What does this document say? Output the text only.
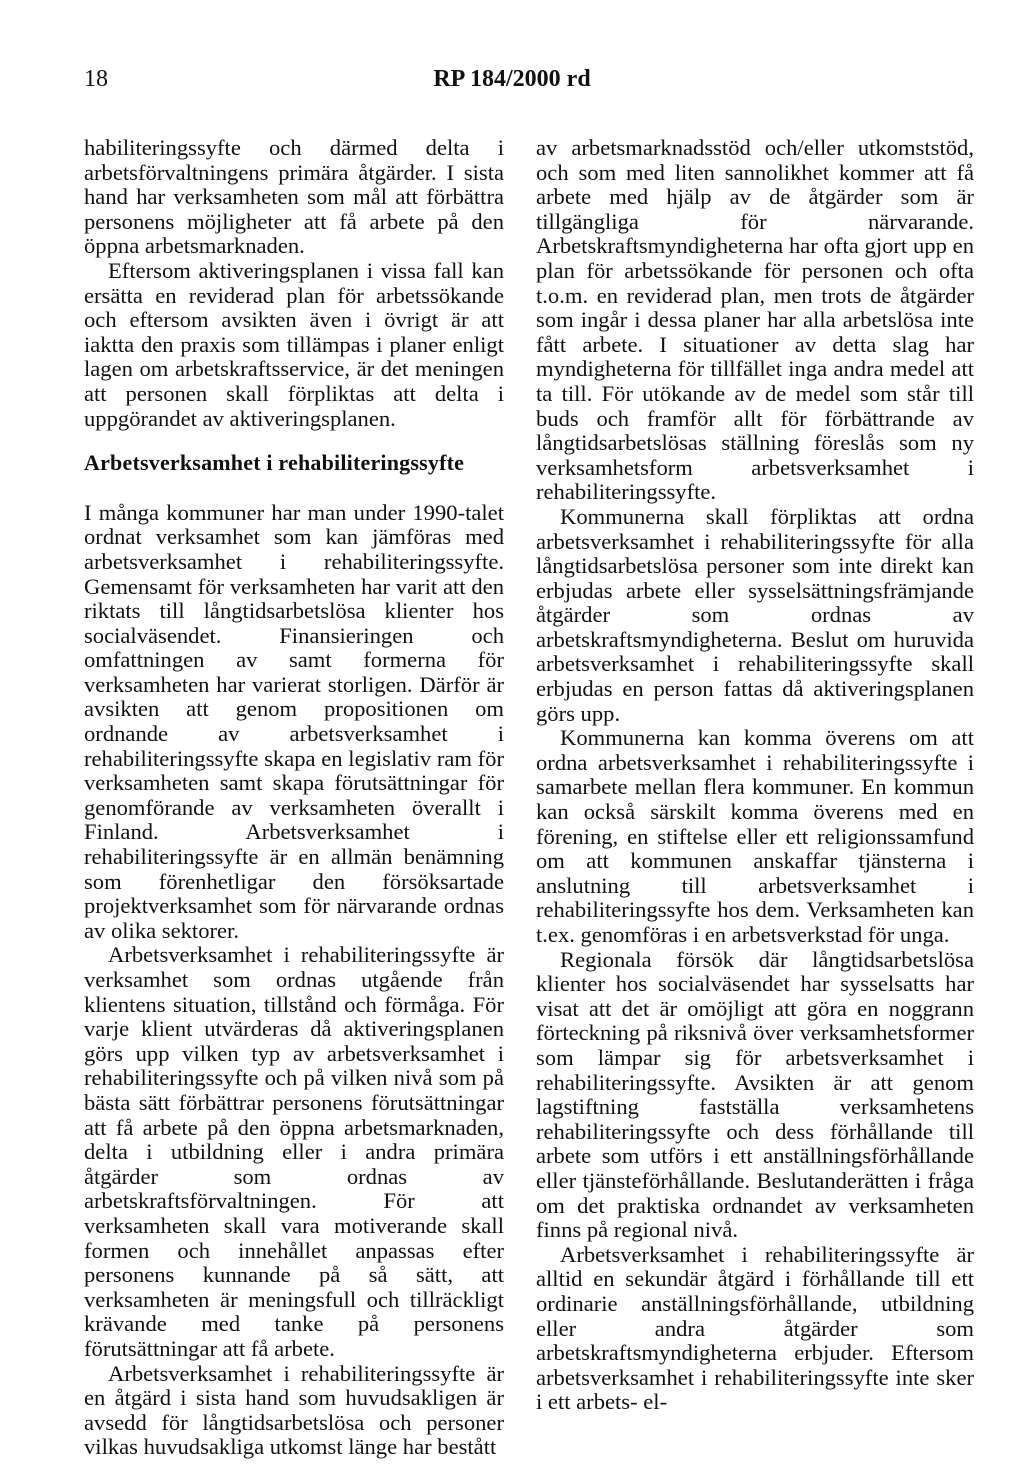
18	RP 184/2000 rd

habiliteringssyfte och därmed delta i arbetsförvaltningens primära åtgärder. I sista hand har verksamheten som mål att förbättra personens möjligheter att få arbete på den öppna arbetsmarknaden.

Eftersom aktiveringsplanen i vissa fall kan ersätta en reviderad plan för arbetssökande och eftersom avsikten även i övrigt är att iaktta den praxis som tillämpas i planer enligt lagen om arbetskraftsservice, är det meningen att personen skall förpliktas att delta i uppgörandet av aktiveringsplanen.

Arbetsverksamhet i rehabiliteringssyfte

I många kommuner har man under 1990-talet ordnat verksamhet som kan jämföras med arbetsverksamhet i rehabiliteringssyfte. Gemensamt för verksamheten har varit att den riktats till långtidsarbetslösa klienter hos socialväsendet. Finansieringen och omfattningen av samt formerna för verksamheten har varierat storligen. Därför är avsikten att genom propositionen om ordnande av arbetsverksamhet i rehabiliteringssyfte skapa en legislativ ram för verksamheten samt skapa förutsättningar för genomförande av verksamheten överallt i Finland. Arbetsverksamhet i rehabiliteringssyfte är en allmän benämning som förenhetligar den försöksartade projektverksamhet som för närvarande ordnas av olika sektorer.

Arbetsverksamhet i rehabiliteringssyfte är verksamhet som ordnas utgående från klientens situation, tillstånd och förmåga. För varje klient utvärderas då aktiveringsplanen görs upp vilken typ av arbetsverksamhet i rehabiliteringssyfte och på vilken nivå som på bästa sätt förbättrar personens förutsättningar att få arbete på den öppna arbetsmarknaden, delta i utbildning eller i andra primära åtgärder som ordnas av arbetskraftsförvaltningen. För att verksamheten skall vara motiverande skall formen och innehållet anpassas efter personens kunnande på så sätt, att verksamheten är meningsfull och tillräckligt krävande med tanke på personens förutsättningar att få arbete.

Arbetsverksamhet i rehabiliteringssyfte är en åtgärd i sista hand som huvudsakligen är avsedd för långtidsarbetslösa och personer vilkas huvudsakliga utkomst länge har bestått

av arbetsmarknadsstöd och/eller utkomststöd, och som med liten sannolikhet kommer att få arbete med hjälp av de åtgärder som är tillgängliga för närvarande. Arbetskraftsmyndigheterna har ofta gjort upp en plan för arbetssökande för personen och ofta t.o.m. en reviderad plan, men trots de åtgärder som ingår i dessa planer har alla arbetslösa inte fått arbete. I situationer av detta slag har myndigheterna för tillfället inga andra medel att ta till. För utökande av de medel som står till buds och framför allt för förbättrande av långtidsarbetslösas ställning föreslås som ny verksamhetsform arbetsverksamhet i rehabiliteringssyfte.

Kommunerna skall förpliktas att ordna arbetsverksamhet i rehabiliteringssyfte för alla långtidsarbetslösa personer som inte direkt kan erbjudas arbete eller sysselsättningsfrämjande åtgärder som ordnas av arbetskraftsmyndigheterna. Beslut om huruvida arbetsverksamhet i rehabiliteringssyfte skall erbjudas en person fattas då aktiveringsplanen görs upp.

Kommunerna kan komma överens om att ordna arbetsverksamhet i rehabiliteringssyfte i samarbete mellan flera kommuner. En kommun kan också särskilt komma överens med en förening, en stiftelse eller ett religionssamfund om att kommunen anskaffar tjänsterna i anslutning till arbetsverksamhet i rehabiliteringssyfte hos dem. Verksamheten kan t.ex. genomföras i en arbetsverkstad för unga.

Regionala försök där långtidsarbetslösa klienter hos socialväsendet har sysselsatts har visat att det är omöjligt att göra en noggrann förteckning på riksnivå över verksamhetsformer som lämpar sig för arbetsverksamhet i rehabiliteringssyfte. Avsikten är att genom lagstiftning fastställa verksamhetens rehabiliteringssyfte och dess förhållande till arbete som utförs i ett anställningsförhållande eller tjänsteförhållande. Beslutanderätten i fråga om det praktiska ordnandet av verksamheten finns på regional nivå.

Arbetsverksamhet i rehabiliteringssyfte är alltid en sekundär åtgärd i förhållande till ett ordinarie anställningsförhållande, utbildning eller andra åtgärder som arbetskraftsmyndigheterna erbjuder. Eftersom arbetsverksamhet i rehabiliteringssyfte inte sker i ett arbets- el-
